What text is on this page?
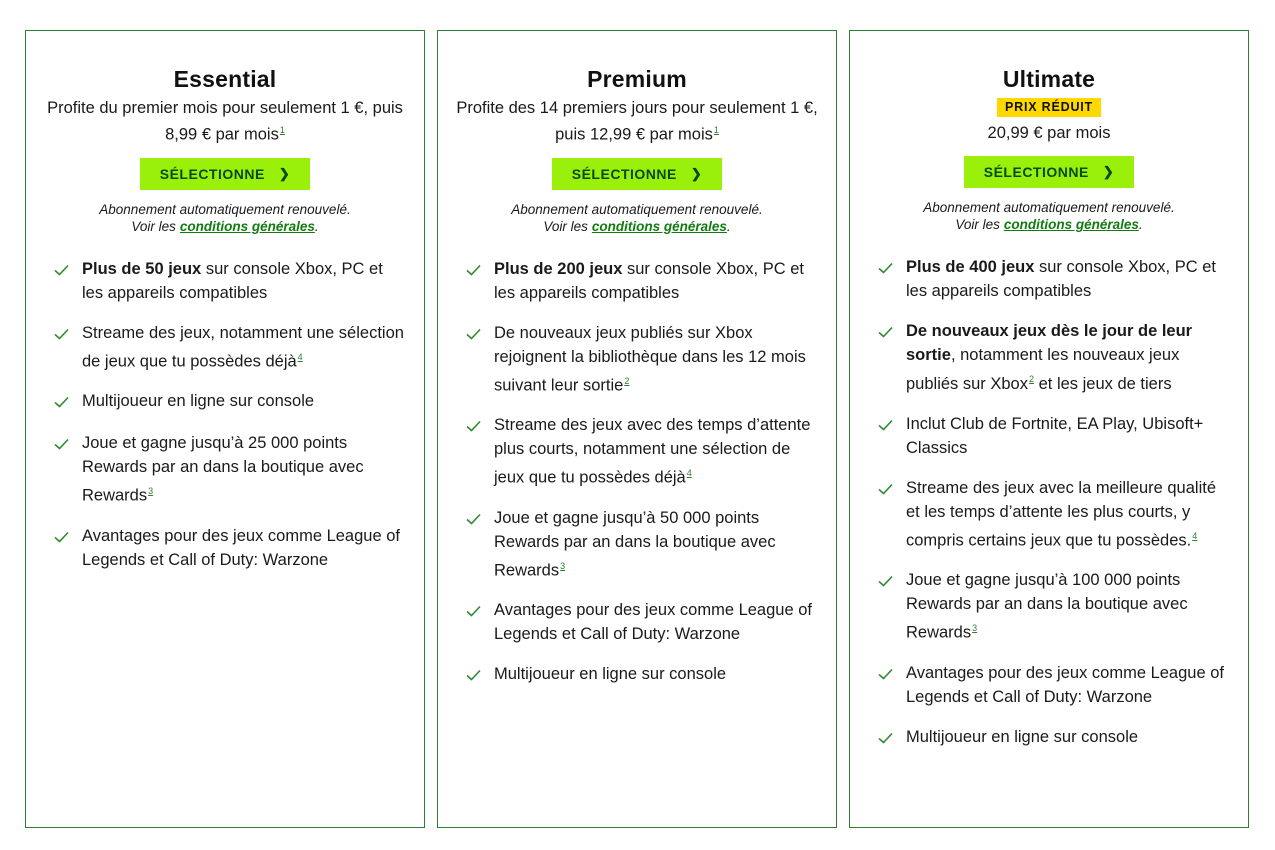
Essential
Profite du premier mois pour seulement 1 €, puis 8,99 € par mois$^1$
SÉLECTIONNE ❯
Abonnement automatiquement renouvelé.
Voir les conditions générales.
Plus de 50 jeux sur console Xbox, PC et les appareils compatibles
Streame des jeux, notamment une sélection de jeux que tu possèdes déjà$^4$
Multijoueur en ligne sur console
Joue et gagne jusqu’à 25 000 points Rewards par an dans la boutique avec Rewards$^3$
Avantages pour des jeux comme League of Legends et Call of Duty: Warzone
Premium
Profite des 14 premiers jours pour seulement 1 €, puis 12,99 € par mois$^1$
SÉLECTIONNE ❯
Abonnement automatiquement renouvelé.
Voir les conditions générales.
Plus de 200 jeux sur console Xbox, PC et les appareils compatibles
De nouveaux jeux publiés sur Xbox rejoignent la bibliothèque dans les 12 mois suivant leur sortie$^2$
Streame des jeux avec des temps d’attente plus courts, notamment une sélection de jeux que tu possèdes déjà$^4$
Joue et gagne jusqu’à 50 000 points Rewards par an dans la boutique avec Rewards$^3$
Avantages pour des jeux comme League of Legends et Call of Duty: Warzone
Multijoueur en ligne sur console
Ultimate
PRIX RÉDUIT
20,99 € par mois
SÉLECTIONNE ❯
Abonnement automatiquement renouvelé.
Voir les conditions générales.
Plus de 400 jeux sur console Xbox, PC et les appareils compatibles
De nouveaux jeux dès le jour de leur sortie, notamment les nouveaux jeux publiés sur Xbox$^2$ et les jeux de tiers
Inclut Club de Fortnite, EA Play, Ubisoft+ Classics
Streame des jeux avec la meilleure qualité et les temps d’attente les plus courts, y compris certains jeux que tu possèdes.$^4$
Joue et gagne jusqu’à 100 000 points Rewards par an dans la boutique avec Rewards$^3$
Avantages pour des jeux comme League of Legends et Call of Duty: Warzone
Multijoueur en ligne sur console
